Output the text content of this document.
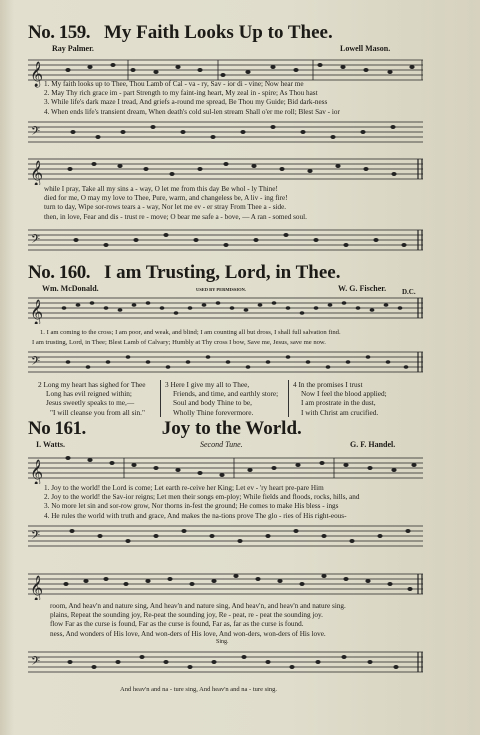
No. 159. My Faith Looks Up to Thee.
Ray Palmer.	Lowell Mason.
𝄞 1. My faith looks up to Thee, Thou Lamb of Cal - va - ry, Sav - ior di - vine; Now hear me
2. May Thy rich grace im - part Strength to my faint-ing heart, My zeal in - spire; As Thou hast
3. While life's dark maze I tread, And griefs a-round me spread, Be Thou my Guide; Bid dark-ness
4. When ends life's transient dream, When death's cold sul-len stream Shall o'er me roll; Blest Sav - ior
𝄢
𝄞
while I pray, Take all my sins a - way, O let me from this day Be whol - ly Thine!
died for me, O may my love to Thee, Pure, warm, and changeless be, A liv - ing fire!
turn to day, Wipe sor-rows tears a - way, Nor let me ev - er stray From Thee a - side.
then, in love, Fear and dis - trust re - move; O bear me safe a - bove, — A ran - somed soul.
𝄢
No. 160. I am Trusting, Lord, in Thee.
Wm. McDonald.	USED BY PERMISSION.	W. G. Fischer. D.C.
𝄞
1. I am coming to the cross; I am poor, and weak, and blind; I am counting all but dross, I shall full salvation find.
I am trusting, Lord, in Thee; Blest Lamb of Calvary; Humbly at Thy cross I bow, Save me, Jesus, save me now.
𝄢
2 Long my heart has sighed for Thee
Long has evil reigned within;
Jesus sweetly speaks to me,—
"I will cleanse you from all sin."
3 Here I give my all to Thee,
Friends, and time, and earthly store;
Soul and body Thine to be,
Wholly Thine forevermore.
4 In the promises I trust
Now I feel the blood applied;
I am prostrate in the dust,
I with Christ am crucified.
No 161.	Joy to the World.
I. Watts.	Second Tune.	G. F. Handel.
𝄞
1. Joy to the world! the Lord is come; Let earth re-ceive her King; Let ev - 'ry heart pre-pare Him
2. Joy to the world! the Sav-ior reigns; Let men their songs em-ploy; While fields and floods, rocks, hills, and
3. No more let sin and sor-row grow, Nor thorns in-fest the ground; He comes to make His bless - ings
4. He rules the world with truth and grace, And makes the na-tions prove The glo - ries of His right-eous-
𝄢
𝄞
room, And heav'n and nature sing, And heav'n and nature sing, And heav'n, and heav'n and nature sing.
plains, Repeat the sounding joy, Re-peat the sounding joy, Re - peat, re - peat the sounding joy.
flow Far as the curse is found, Far as the curse is found, Far as, far as the curse is found.
ness, And wonders of His love, And won-ders of His love, And won-ders, won-ders of His love.
Sing.
𝄢
And heav'n and na - ture sing, And heav'n and na - ture sing.
